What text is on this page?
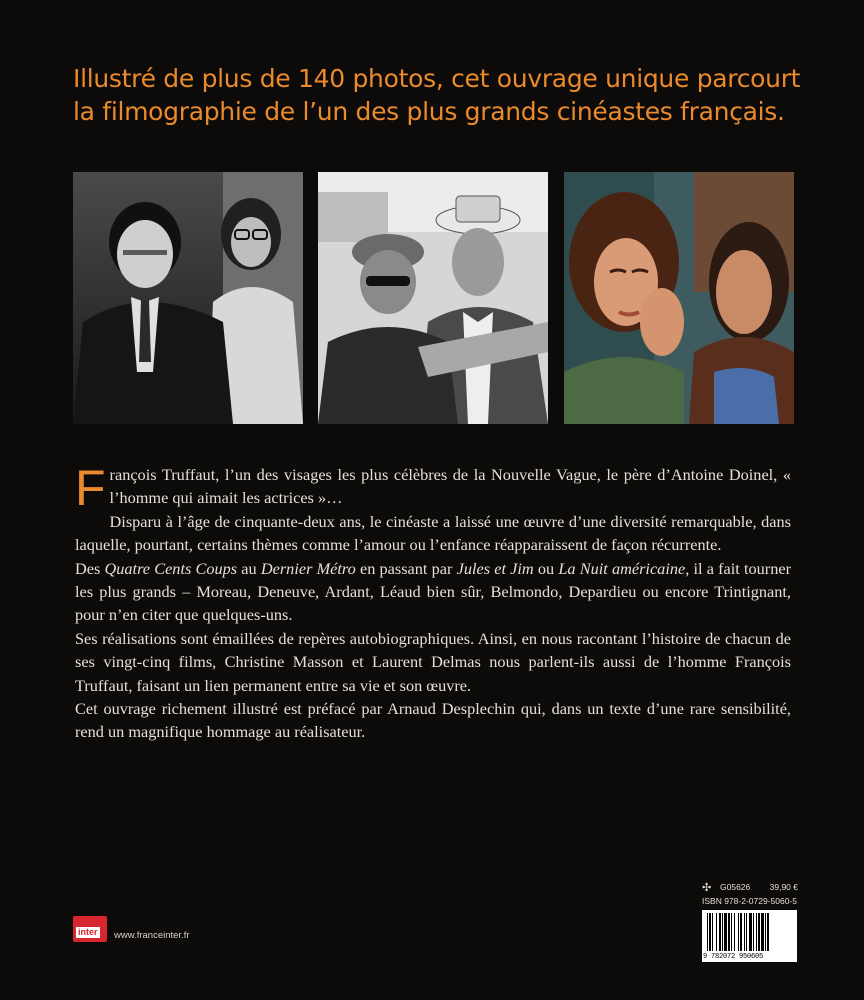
Illustré de plus de 140 photos, cet ouvrage unique parcourt
la filmographie de l’un des plus grands cinéastes français.

François Truffaut, l’un des visages les plus célèbres de la Nouvelle Vague, le père d’Antoine Doinel, « l’homme qui aimait les actrices »…

Disparu à l’âge de cinquante-deux ans, le cinéaste a laissé une œuvre d’une diversité remarquable, dans laquelle, pourtant, certains thèmes comme l’amour ou l’enfance réapparaissent de façon récurrente.

Des Quatre Cents Coups au Dernier Métro en passant par Jules et Jim ou La Nuit américaine, il a fait tourner les plus grands – Moreau, Deneuve, Ardant, Léaud bien sûr, Belmondo, Depardieu ou encore Trintignant, pour n’en citer que quelques-uns.

Ses réalisations sont émaillées de repères autobiographiques. Ainsi, en nous racontant l’histoire de chacun de ses vingt-cinq films, Christine Masson et Laurent Delmas nous parlent-ils aussi de l’homme François Truffaut, faisant un lien permanent entre sa vie et son œuvre.

Cet ouvrage richement illustré est préfacé par Arnaud Desplechin qui, dans un texte d’une rare sensibilité, rend un magnifique hommage au réalisateur.

inter www.franceinter.fr
✣	G05626 39,90 €
ISBN 978-2-0729-5060-5
9 782072 950605
